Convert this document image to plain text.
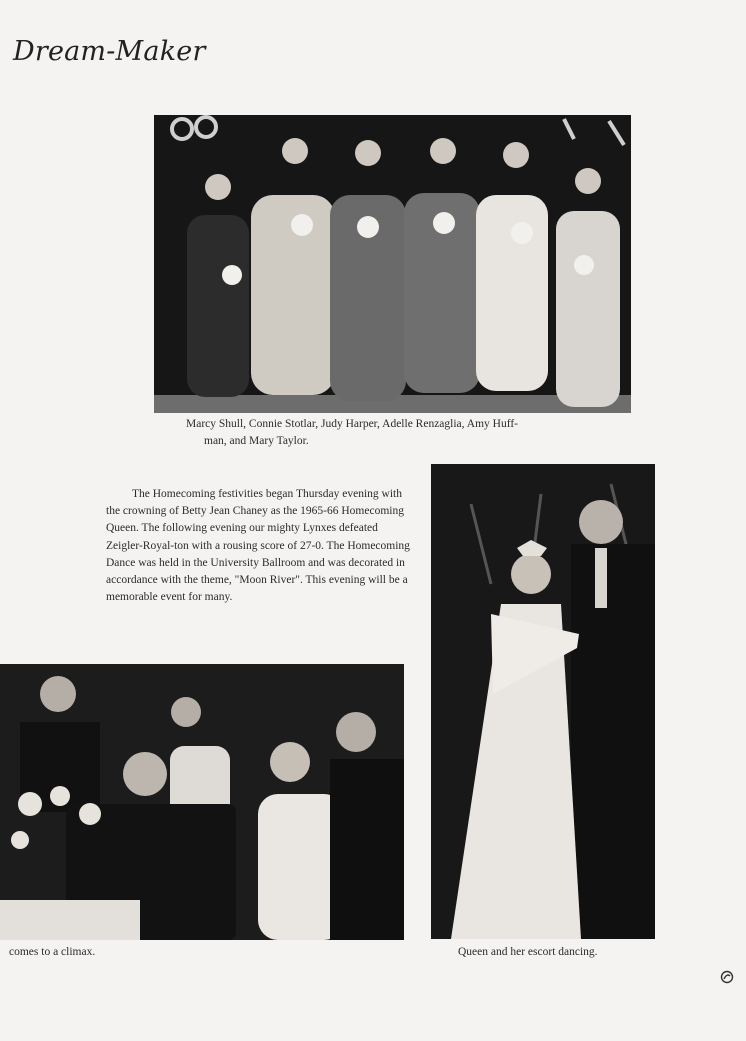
Dream-Maker

Marcy Shull, Connie Stotlar, Judy Harper, Adelle Renzaglia, Amy Huff-

man, and Mary Taylor.

The Homecoming festivities began Thursday evening with the crowning of Betty Jean Chaney as the 1965-66 Homecoming Queen. The following evening our mighty Lynxes defeated Zeigler-Royal-ton with a rousing score of 27-0. The Homecoming Dance was held in the University Ballroom and was decorated in accordance with the theme, "Moon River". This evening will be a memorable event for many.

Queen and her escort dancing.

comes to a climax.
